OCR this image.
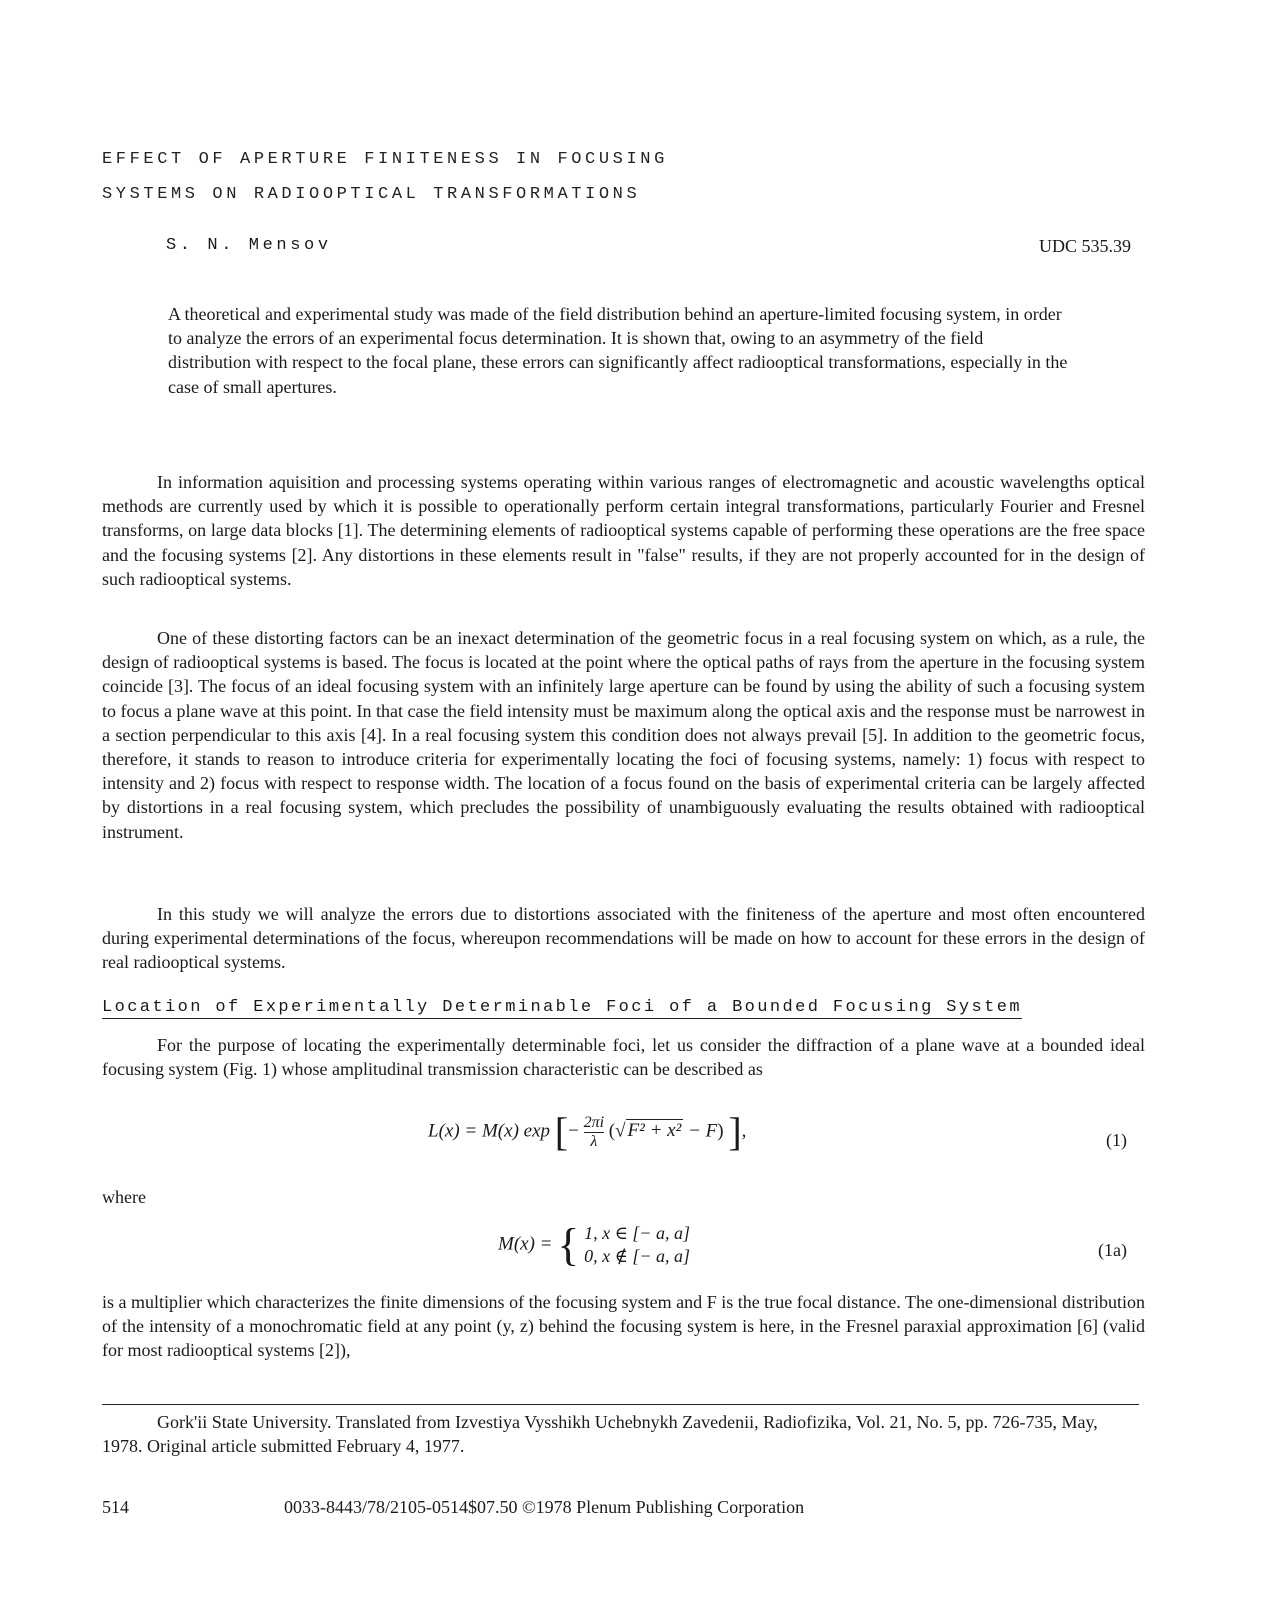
EFFECT OF APERTURE FINITENESS IN FOCUSING
SYSTEMS ON RADIOOPTICAL TRANSFORMATIONS
S. N. Mensov	UDC 535.39

A theoretical and experimental study was made of the field distribution behind an aperture-limited focusing system, in order to analyze the errors of an experimental focus determination. It is shown that, owing to an asymmetry of the field distribution with respect to the focal plane, these errors can significantly affect radiooptical transformations, especially in the case of small apertures.

In information aquisition and processing systems operating within various ranges of electromagnetic and acoustic wavelengths optical methods are currently used by which it is possible to operationally perform certain integral transformations, particularly Fourier and Fresnel transforms, on large data blocks [1]. The determining elements of radiooptical systems capable of performing these operations are the free space and the focusing systems [2]. Any distortions in these elements result in "false" results, if they are not properly accounted for in the design of such radiooptical systems.

One of these distorting factors can be an inexact determination of the geometric focus in a real focusing system on which, as a rule, the design of radiooptical systems is based. The focus is located at the point where the optical paths of rays from the aperture in the focusing system coincide [3]. The focus of an ideal focusing system with an infinitely large aperture can be found by using the ability of such a focusing system to focus a plane wave at this point. In that case the field intensity must be maximum along the optical axis and the response must be narrowest in a section perpendicular to this axis [4]. In a real focusing system this condition does not always prevail [5]. In addition to the geometric focus, therefore, it stands to reason to introduce criteria for experimentally locating the foci of focusing systems, namely: 1) focus with respect to intensity and 2) focus with respect to response width. The location of a focus found on the basis of experimental criteria can be largely affected by distortions in a real focusing system, which precludes the possibility of unambiguously evaluating the results obtained with radiooptical instrument.

In this study we will analyze the errors due to distortions associated with the finiteness of the aperture and most often encountered during experimental determinations of the focus, whereupon recommendations will be made on how to account for these errors in the design of real radiooptical systems.

Location of Experimentally Determinable Foci of a Bounded Focusing System

For the purpose of locating the experimentally determinable foci, let us consider the diffraction of a plane wave at a bounded ideal focusing system (Fig. 1) whose amplitudinal transmission characteristic can be described as

L(x) = M(x) exp [− $\frac{2\pi i}{\lambda}$ (√ F² + x² − F) ],	(1)
where
M(x) = { 1, x ∈ [− a, a]
0, x ∉ [− a, a]	(1a)

is a multiplier which characterizes the finite dimensions of the focusing system and F is the true focal distance. The one-dimensional distribution of the intensity of a monochromatic field at any point (y, z) behind the focusing system is here, in the Fresnel paraxial approximation [6] (valid for most radiooptical systems [2]),

Gork'ii State University. Translated from Izvestiya Vysshikh Uchebnykh Zavedenii, Radiofizika, Vol. 21, No. 5, pp. 726-735, May, 1978. Original article submitted February 4, 1977.

514	0033-8443/78/2105-0514$07.50 ©1978 Plenum Publishing Corporation
